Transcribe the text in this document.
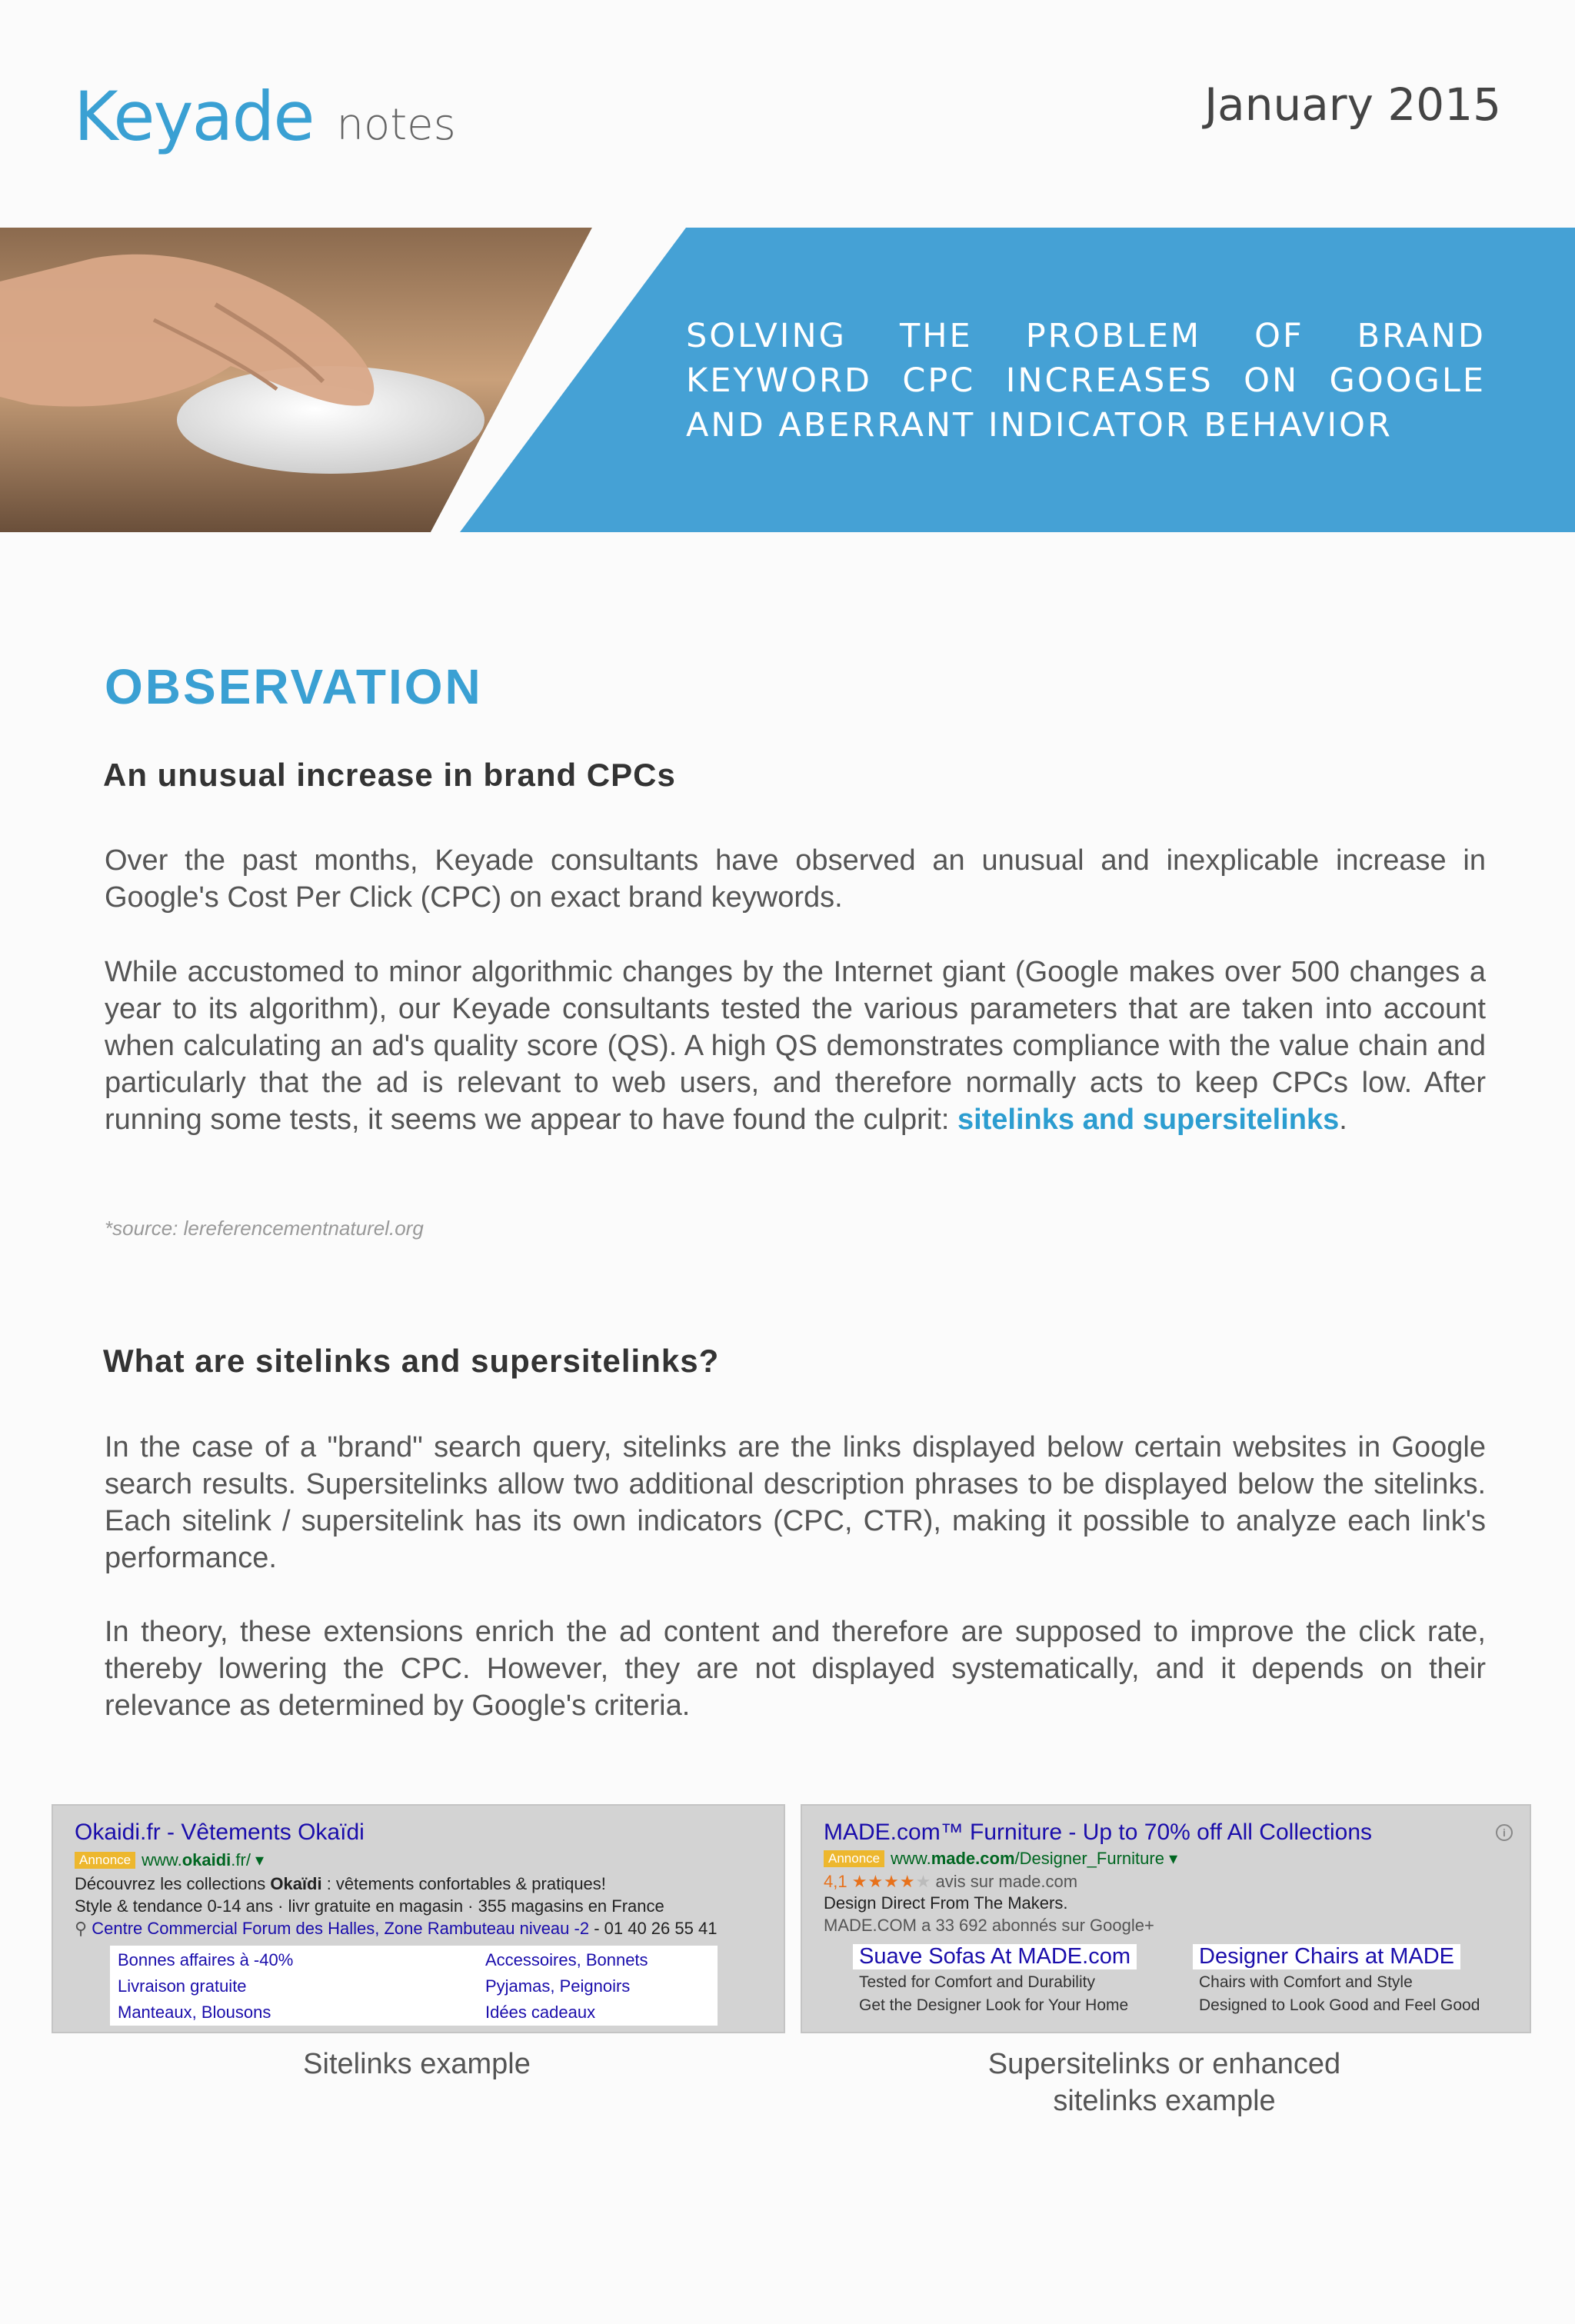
Keyade notes	January 2015
SOLVING THE PROBLEM OF BRAND KEYWORD CPC INCREASES ON GOOGLE AND ABERRANT INDICATOR BEHAVIOR
OBSERVATION
An unusual increase in brand CPCs

Over the past months, Keyade consultants have observed an unusual and inexplicable increase in Google's Cost Per Click (CPC) on exact brand keywords.

While accustomed to minor algorithmic changes by the Internet giant (Google makes over 500 changes a year to its algorithm), our Keyade consultants tested the various parameters that are taken into account when calculating an ad's quality score (QS). A high QS demonstrates compliance with the value chain and particularly that the ad is relevant to web users, and therefore normally acts to keep CPCs low. After running some tests, it seems we appear to have found the culprit: sitelinks and supersitelinks.

*source: lereferencementnaturel.org
What are sitelinks and supersitelinks?

In the case of a "brand" search query, sitelinks are the links displayed below certain websites in Google search results. Supersitelinks allow two additional description phrases to be displayed below the sitelinks. Each sitelink / supersitelink has its own indicators (CPC, CTR), making it possible to analyze each link's performance.

In theory, these extensions enrich the ad content and therefore are supposed to improve the click rate, thereby lowering the CPC. However, they are not displayed systematically, and it depends on their relevance as determined by Google's criteria.

Okaidi.fr - Vêtements Okaïdi
Annonce www.okaidi.fr/ ▾
Découvrez les collections Okaïdi : vêtements confortables & pratiques!
Style & tendance 0-14 ans · livr gratuite en magasin · 355 magasins en France
⚲ Centre Commercial Forum des Halles, Zone Rambuteau niveau -2 - 01 40 26 55 41
Bonnes affaires à -40%
Livraison gratuite
Manteaux, Blousons
Accessoires, Bonnets
Pyjamas, Peignoirs
Idées cadeaux
Sitelinks example
MADE.com™ Furniture - Up to 70% off All Collections	i
Annonce www.made.com/Designer_Furniture ▾
4,1 ★★★★★ avis sur made.com
Design Direct From The Makers.
MADE.COM a 33 692 abonnés sur Google+
Suave Sofas At MADE.com
Tested for Comfort and Durability
Get the Designer Look for Your Home
Designer Chairs at MADE
Chairs with Comfort and Style
Designed to Look Good and Feel Good
Supersitelinks or enhanced
sitelinks example
